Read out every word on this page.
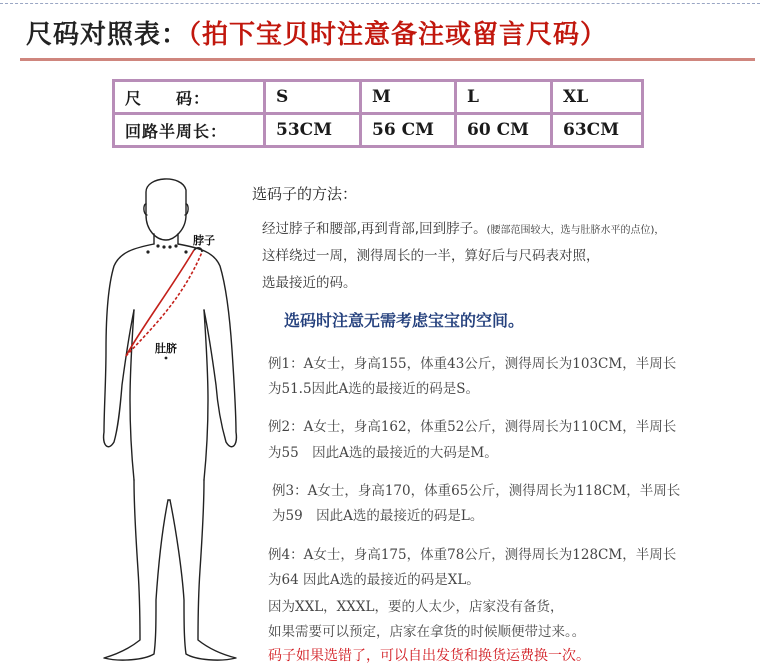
尺码对照表：（拍下宝贝时注意备注或留言尺码）
尺　　码：	S	M	L	XL
回路半周长：	53CM	56 CM	60 CM	63CM
脖子
肚脐
选码子的方法：
经过脖子和腰部,再到背部,回到脖子。(腰部范围较大，选与肚脐水平的点位)，
这样绕过一周，测得周长的一半，算好后与尺码表对照，
选最接近的码。
选码时注意无需考虑宝宝的空间。
例1：A女士，身高155，体重43公斤，测得周长为103CM，半周长
为51.5因此A选的最接近的码是S。
例2：A女士，身高162，体重52公斤，测得周长为110CM，半周长
为55　因此A选的最接近的大码是M。
例3：A女士，身高170，体重65公斤，测得周长为118CM，半周长
为59　因此A选的最接近的码是L。
例4：A女士，身高175，体重78公斤，测得周长为128CM，半周长
为64 因此A选的最接近的码是XL。
因为XXL，XXXL，要的人太少，店家没有备货，
如果需要可以预定，店家在拿货的时候顺便带过来。。
码子如果选错了，可以自出发货和换货运费换一次。
